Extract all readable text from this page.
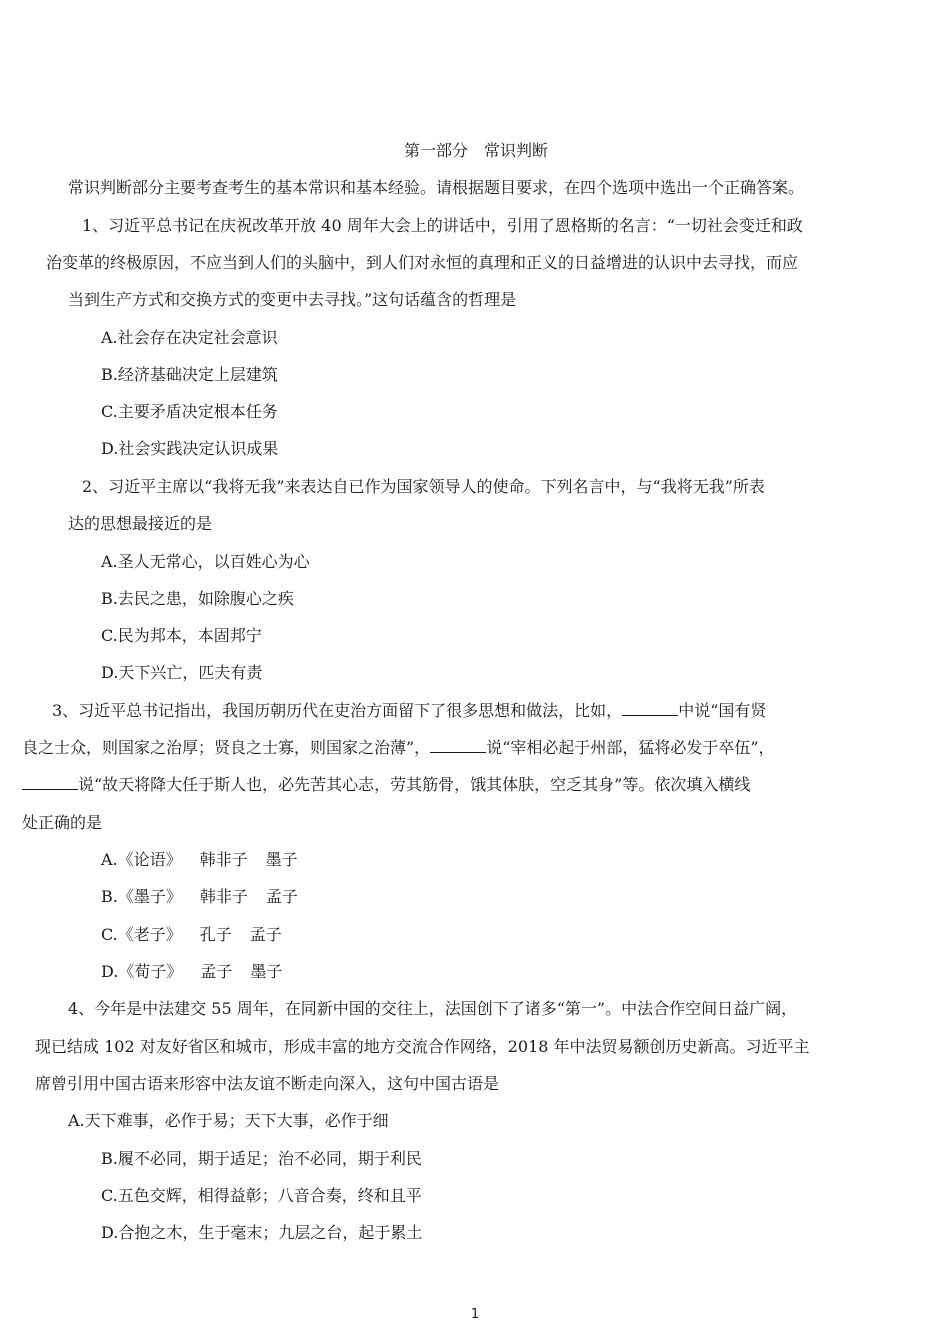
第一部分　常识判断
常识判断部分主要考查考生的基本常识和基本经验。请根据题目要求，在四个选项中选出一个正确答案。
1、习近平总书记在庆祝改革开放 40 周年大会上的讲话中，引用了恩格斯的名言：“一切社会变迁和政
治变革的终极原因，不应当到人们的头脑中，到人们对永恒的真理和正义的日益增进的认识中去寻找，而应
当到生产方式和交换方式的变更中去寻找。”这句话蕴含的哲理是
A.社会存在决定社会意识
B.经济基础决定上层建筑
C.主要矛盾决定根本任务
D.社会实践决定认识成果
2、习近平主席以“我将无我”来表达自已作为国家领导人的使命。下列名言中，与“我将无我”所表
达的思想最接近的是
A.圣人无常心，以百姓心为心
B.去民之患，如除腹心之疾
C.民为邦本，本固邦宁
D.天下兴亡，匹夫有责
3、习近平总书记指出，我国历朝历代在吏治方面留下了很多思想和做法，比如，	中说“国有贤
良之士众，则国家之治厚；贤良之士寡，则国家之治薄”，	说“宰相必起于州部，猛将必发于卒伍”，
说“故天将降大任于斯人也，必先苦其心志，劳其筋骨，饿其体肤，空乏其身”等。依次填入横线
处正确的是
A.《论语》 韩非子 墨子
B.《墨子》 韩非子 孟子
C.《老子》 孔子 孟子
D.《荀子》 孟子 墨子
4、今年是中法建交 55 周年，在同新中国的交往上，法国创下了诸多“第一”。中法合作空间日益广阔，
现已结成 102 对友好省区和城市，形成丰富的地方交流合作网络，2018 年中法贸易额创历史新高。习近平主
席曾引用中国古语来形容中法友谊不断走向深入，这句中国古语是
A.天下难事，必作于易；天下大事，必作于细
B.履不必同，期于适足；治不必同，期于利民
C.五色交辉，相得益彰；八音合奏，终和且平
D.合抱之木，生于毫末；九层之台，起于累土
1
